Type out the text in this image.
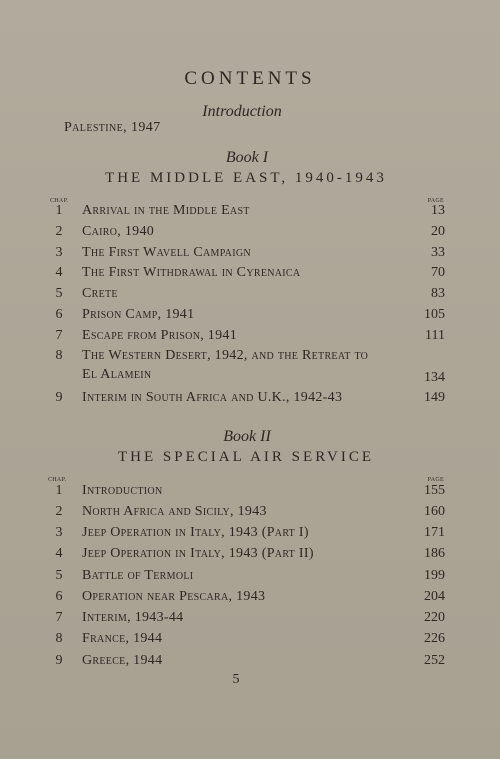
CONTENTS
Introduction
Palestine, 1947
Book I
THE MIDDLE EAST, 1940-1943
CHAP.	PAGE
1	Arrival in the Middle East	13
2	Cairo, 1940	20
3	The First Wavell Campaign	33
4	The First Withdrawal in Cyrenaica	70
5	Crete	83
6	Prison Camp, 1941	105
7	Escape from Prison, 1941	111
8	The Western Desert, 1942, and the Retreat to
El Alamein	134
9	Interim in South Africa and U.K., 1942-43	149
Book II
THE SPECIAL AIR SERVICE
CHAP.	PAGE
1	Introduction	155
2	North Africa and Sicily, 1943	160
3	Jeep Operation in Italy, 1943 (Part I)	171
4	Jeep Operation in Italy, 1943 (Part II)	186
5	Battle of Termoli	199
6	Operation near Pescara, 1943	204
7	Interim, 1943-44	220
8	France, 1944	226
9	Greece, 1944	252
5
